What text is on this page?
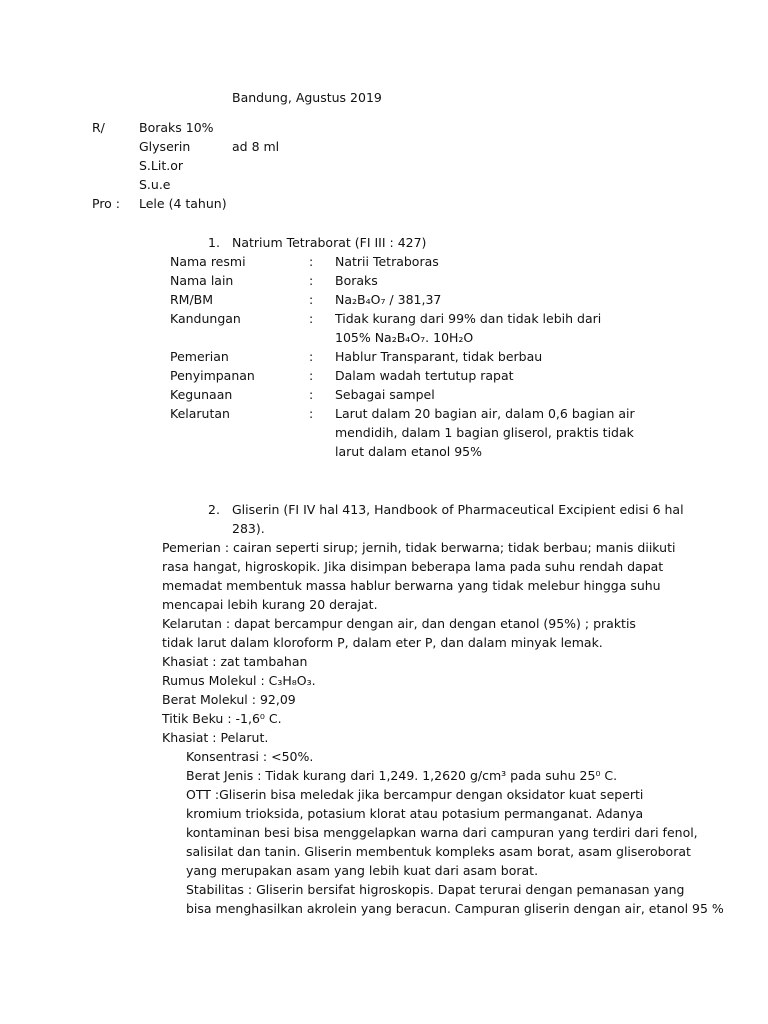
Bandung, Agustus 2019
R/	Boraks 10%
Glyserin	ad 8 ml
S.Lit.or
S.u.e
Pro : Lele (4 tahun)
1. Natrium Tetraborat (FI III : 427)
Nama resmi	: Natrii Tetraboras
Nama lain	: Boraks
RM/BM	: Na₂B₄O₇ / 381,37
Kandungan	: Tidak kurang dari 99% dan tidak lebih dari
105% Na₂B₄O₇. 10H₂O
Pemerian	: Hablur Transparant, tidak berbau
Penyimpanan	: Dalam wadah tertutup rapat
Kegunaan	: Sebagai sampel
Kelarutan	: Larut dalam 20 bagian air, dalam 0,6 bagian air
mendidih, dalam 1 bagian gliserol, praktis tidak
larut dalam etanol 95%
2. Gliserin (FI IV hal 413, Handbook of Pharmaceutical Excipient edisi 6 hal
283).
Pemerian : cairan seperti sirup; jernih, tidak berwarna; tidak berbau; manis diikuti
rasa hangat, higroskopik. Jika disimpan beberapa lama pada suhu rendah dapat
memadat membentuk massa hablur berwarna yang tidak melebur hingga suhu
mencapai lebih kurang 20 derajat.
Kelarutan : dapat bercampur dengan air, dan dengan etanol (95%) ; praktis
tidak larut dalam kloroform P, dalam eter P, dan dalam minyak lemak.
Khasiat : zat tambahan
Rumus Molekul : C₃H₈O₃.
Berat Molekul : 92,09
Titik Beku : -1,6⁰ C.
Khasiat : Pelarut.
Konsentrasi : <50%.
Berat Jenis : Tidak kurang dari 1,249. 1,2620 g/cm³ pada suhu 25⁰ C.
OTT :Gliserin bisa meledak jika bercampur dengan oksidator kuat seperti
kromium trioksida, potasium klorat atau potasium permanganat. Adanya
kontaminan besi bisa menggelapkan warna dari campuran yang terdiri dari fenol,
salisilat dan tanin. Gliserin membentuk kompleks asam borat, asam gliseroborat
yang merupakan asam yang lebih kuat dari asam borat.
Stabilitas : Gliserin bersifat higroskopis. Dapat terurai dengan pemanasan yang
bisa menghasilkan akrolein yang beracun. Campuran gliserin dengan air, etanol 95 %
